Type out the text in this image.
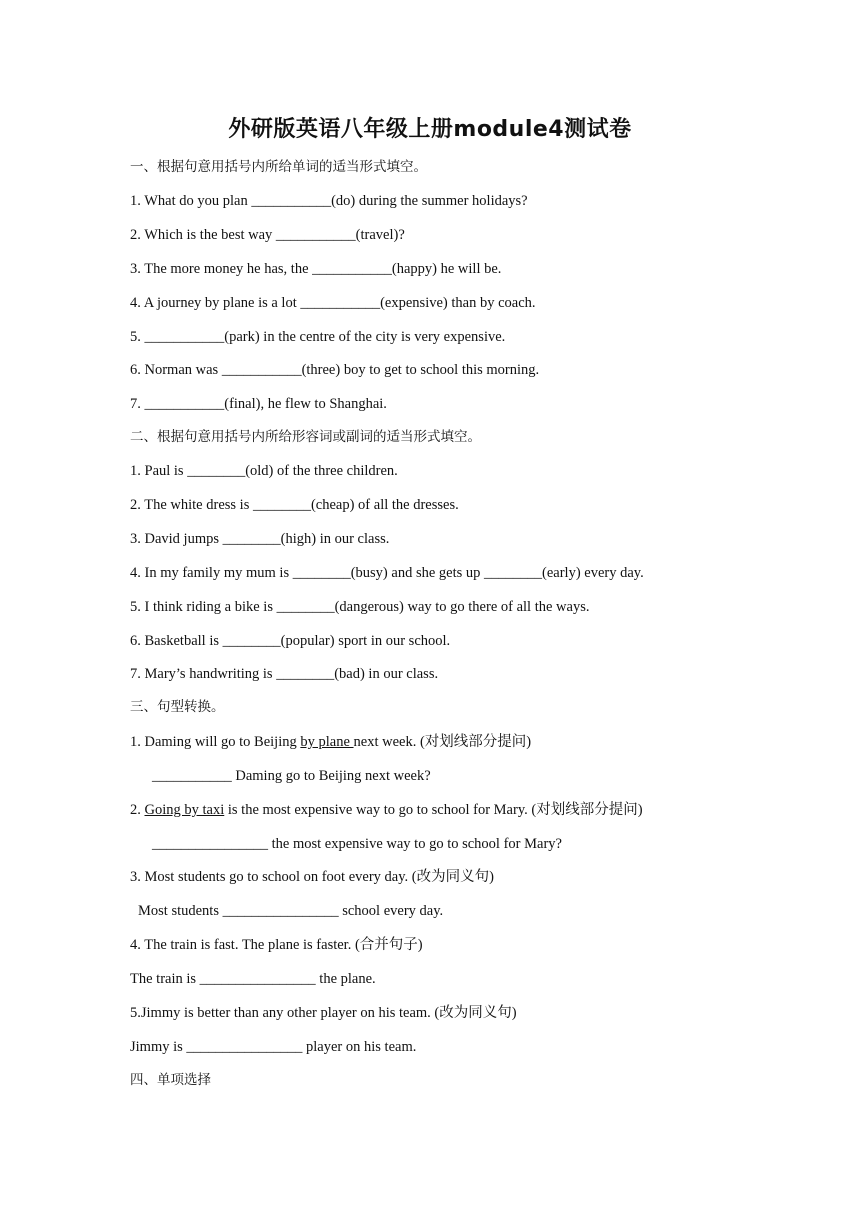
外研版英语八年级上册module4测试卷
一、根据句意用括号内所给单词的适当形式填空。
1. What do you plan ___________(do) during the summer holidays?
2. Which is the best way ___________(travel)?
3. The more money he has, the ___________(happy) he will be.
4. A journey by plane is a lot ___________(expensive) than by coach.
5. ___________(park) in the centre of the city is very expensive.
6. Norman was ___________(three) boy to get to school this morning.
7. ___________(final), he flew to Shanghai.
二、根据句意用括号内所给形容词或副词的适当形式填空。
1. Paul is ________(old) of the three children.
2. The white dress is ________(cheap) of all the dresses.
3. David jumps ________(high) in our class.
4. In my family my mum is ________(busy) and she gets up ________(early) every day.
5. I think riding a bike is ________(dangerous) way to go there of all the ways.
6. Basketball is ________(popular) sport in our school.
7. Mary’s handwriting is ________(bad) in our class.
三、句型转换。
1. Daming will go to Beijing by plane next week. (对划线部分提问)
___________ Daming go to Beijing next week?
2. Going by taxi is the most expensive way to go to school for Mary. (对划线部分提问)
________________ the most expensive way to go to school for Mary?
3. Most students go to school on foot every day. (改为同义句)
Most students ________________ school every day.
4. The train is fast. The plane is faster. (合并句子)
The train is ________________ the plane.
5.Jimmy is better than any other player on his team. (改为同义句)
Jimmy is ________________ player on his team.
四、单项选择
